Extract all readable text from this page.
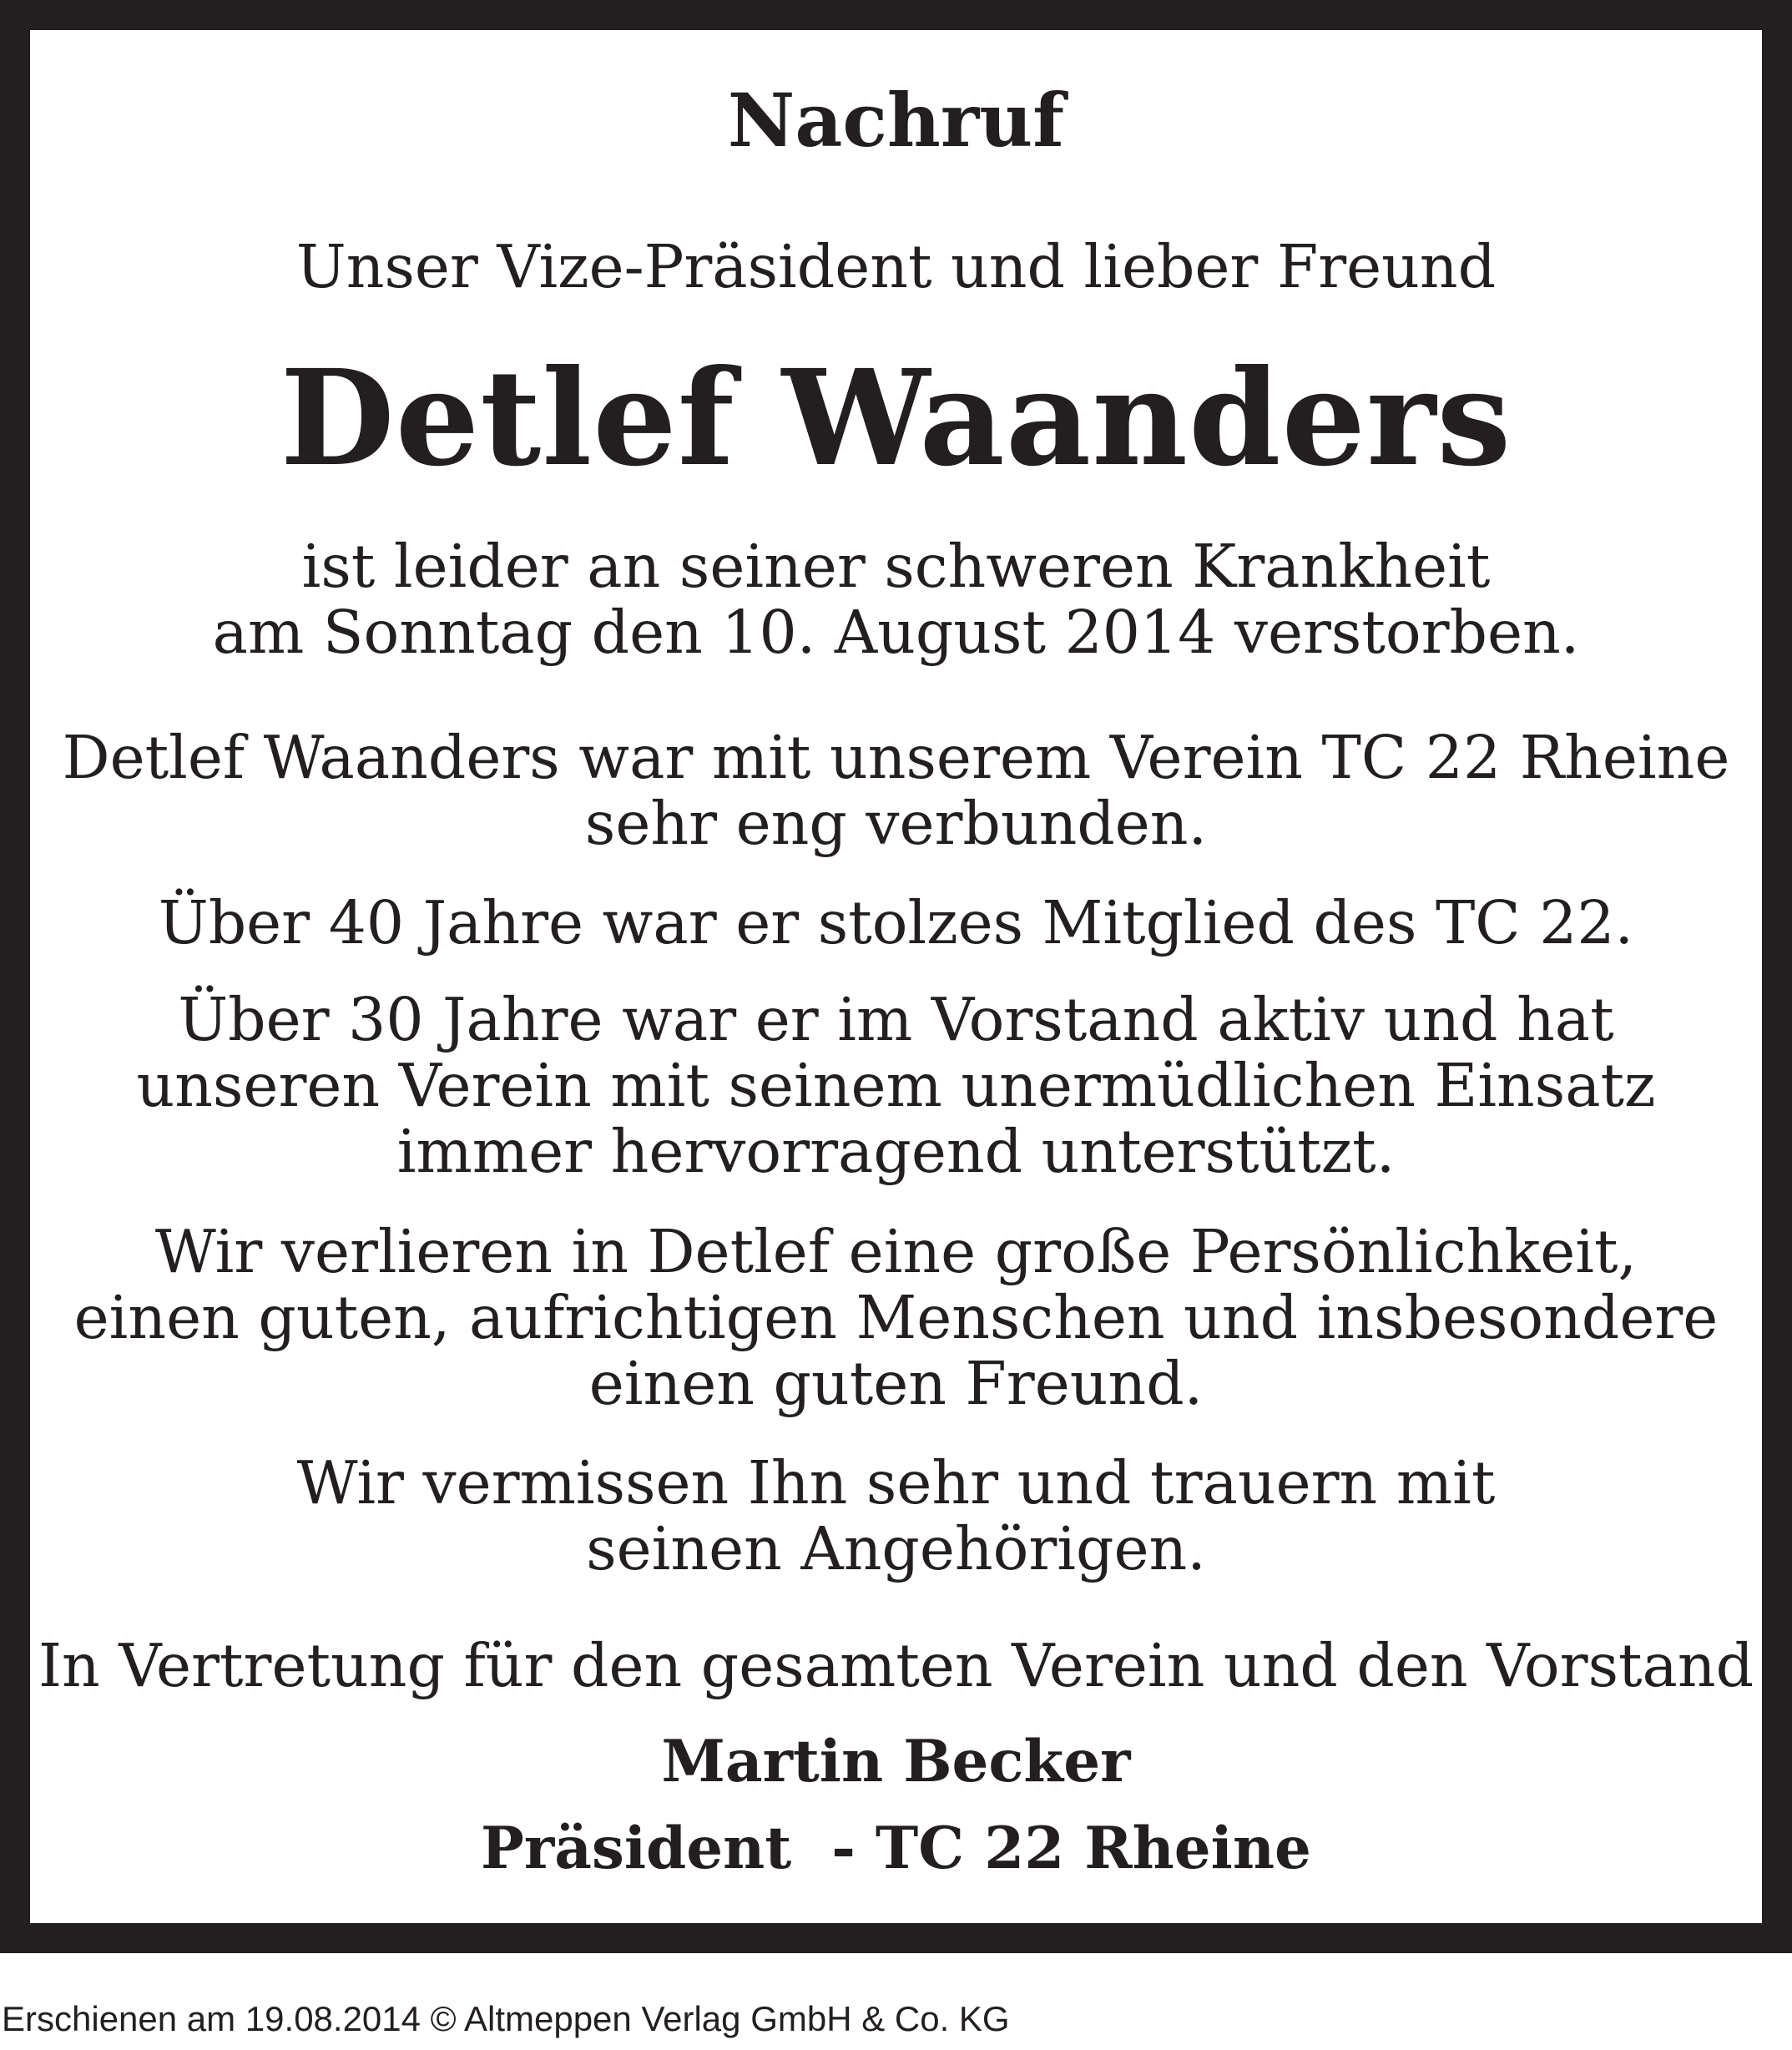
Nachruf
Unser Vize-Präsident und lieber Freund
Detlef Waanders
ist leider an seiner schweren Krankheit
am Sonntag den 10. August 2014 verstorben.
Detlef Waanders war mit unserem Verein TC 22 Rheine
sehr eng verbunden.
Über 40 Jahre war er stolzes Mitglied des TC 22.
Über 30 Jahre war er im Vorstand aktiv und hat
unseren Verein mit seinem unermüdlichen Einsatz
immer hervorragend unterstützt.
Wir verlieren in Detlef eine große Persönlichkeit,
einen guten, aufrichtigen Menschen und insbesondere
einen guten Freund.
Wir vermissen Ihn sehr und trauern mit
seinen Angehörigen.
In Vertretung für den gesamten Verein und den Vorstand
Martin Becker
Präsident  - TC 22 Rheine
Erschienen am 19.08.2014 © Altmeppen Verlag GmbH & Co. KG
